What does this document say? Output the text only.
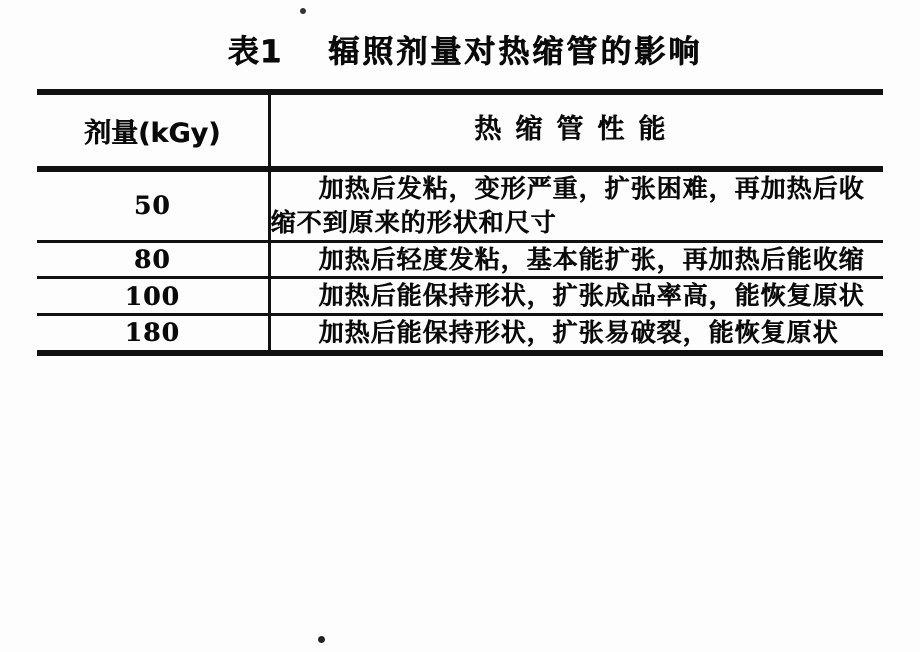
表1 辐照剂量对热缩管的影响
剂量(kGy)	热缩管性能

50	加热后发粘，变形严重，扩张困难，再加热后收缩不到原来的形状和尺寸

80	加热后轻度发粘，基本能扩张，再加热后能收缩

100	加热后能保持形状，扩张成品率高，能恢复原状

180	加热后能保持形状，扩张易破裂，能恢复原状
